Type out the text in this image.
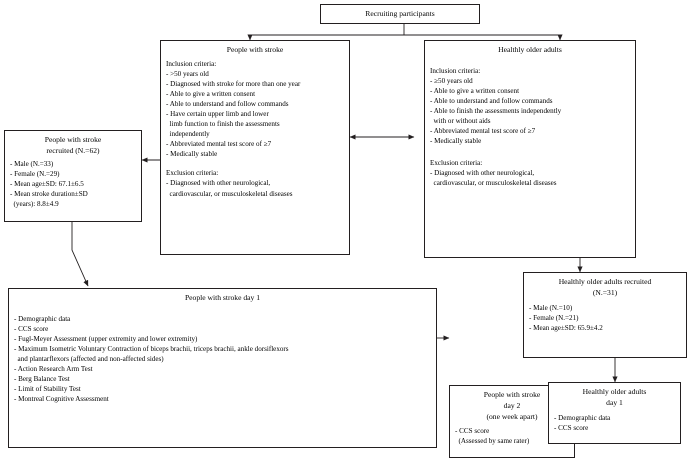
Recruiting participants
People with stroke
Inclusion criteria:
- >50 years old
- Diagnosed with stroke for more than one year
- Able to give a written consent
- Able to understand and follow commands
- Have certain upper limb and lower
limb function to finish the assessments
independently
- Abbreviated mental test score of ≥7
- Medically stable
Exclusion criteria:
- Diagnosed with other neurological,
cardiovascular, or musculoskeletal diseases
Healthly older adults
Inclusion criteria:
- ≥50 years old
- Able to give a written consent
- Able to understand and follow commands
- Able to finish the assessments independently
with or without aids
- Abbreviated mental test score of ≥7
- Medically stable
Exclusion criteria:
- Diagnosed with other neurological,
cardiovascular, or musculoskeletal diseases
People with stroke
recruited (N.=62)
- Male (N.=33)
- Female (N.=29)
- Mean age±SD: 67.1±6.5
- Mean stroke duration±SD
(years): 8.8±4.9
Healthly older adults recruited
(N.=31)
- Male (N.=10)
- Female (N.=21)
- Mean age±SD: 65.9±4.2
People with stroke day 1
- Demographic data
- CCS score
- Fugl-Meyer Assessment (upper extremity and lower extremity)
- Maximum Isometric Voluntary Contraction of biceps brachii, triceps brachii, ankle dorsiflexors
and plantarflexors (affected and non-affected sides)
- Action Research Arm Test
- Berg Balance Test
- Limit of Stability Test
- Montreal Cognitive Assessment
People with stroke
day 2
(one week apart)
- CCS score
(Assessed by same rater)
Healthly older adults
day 1
- Demographic data
- CCS score
